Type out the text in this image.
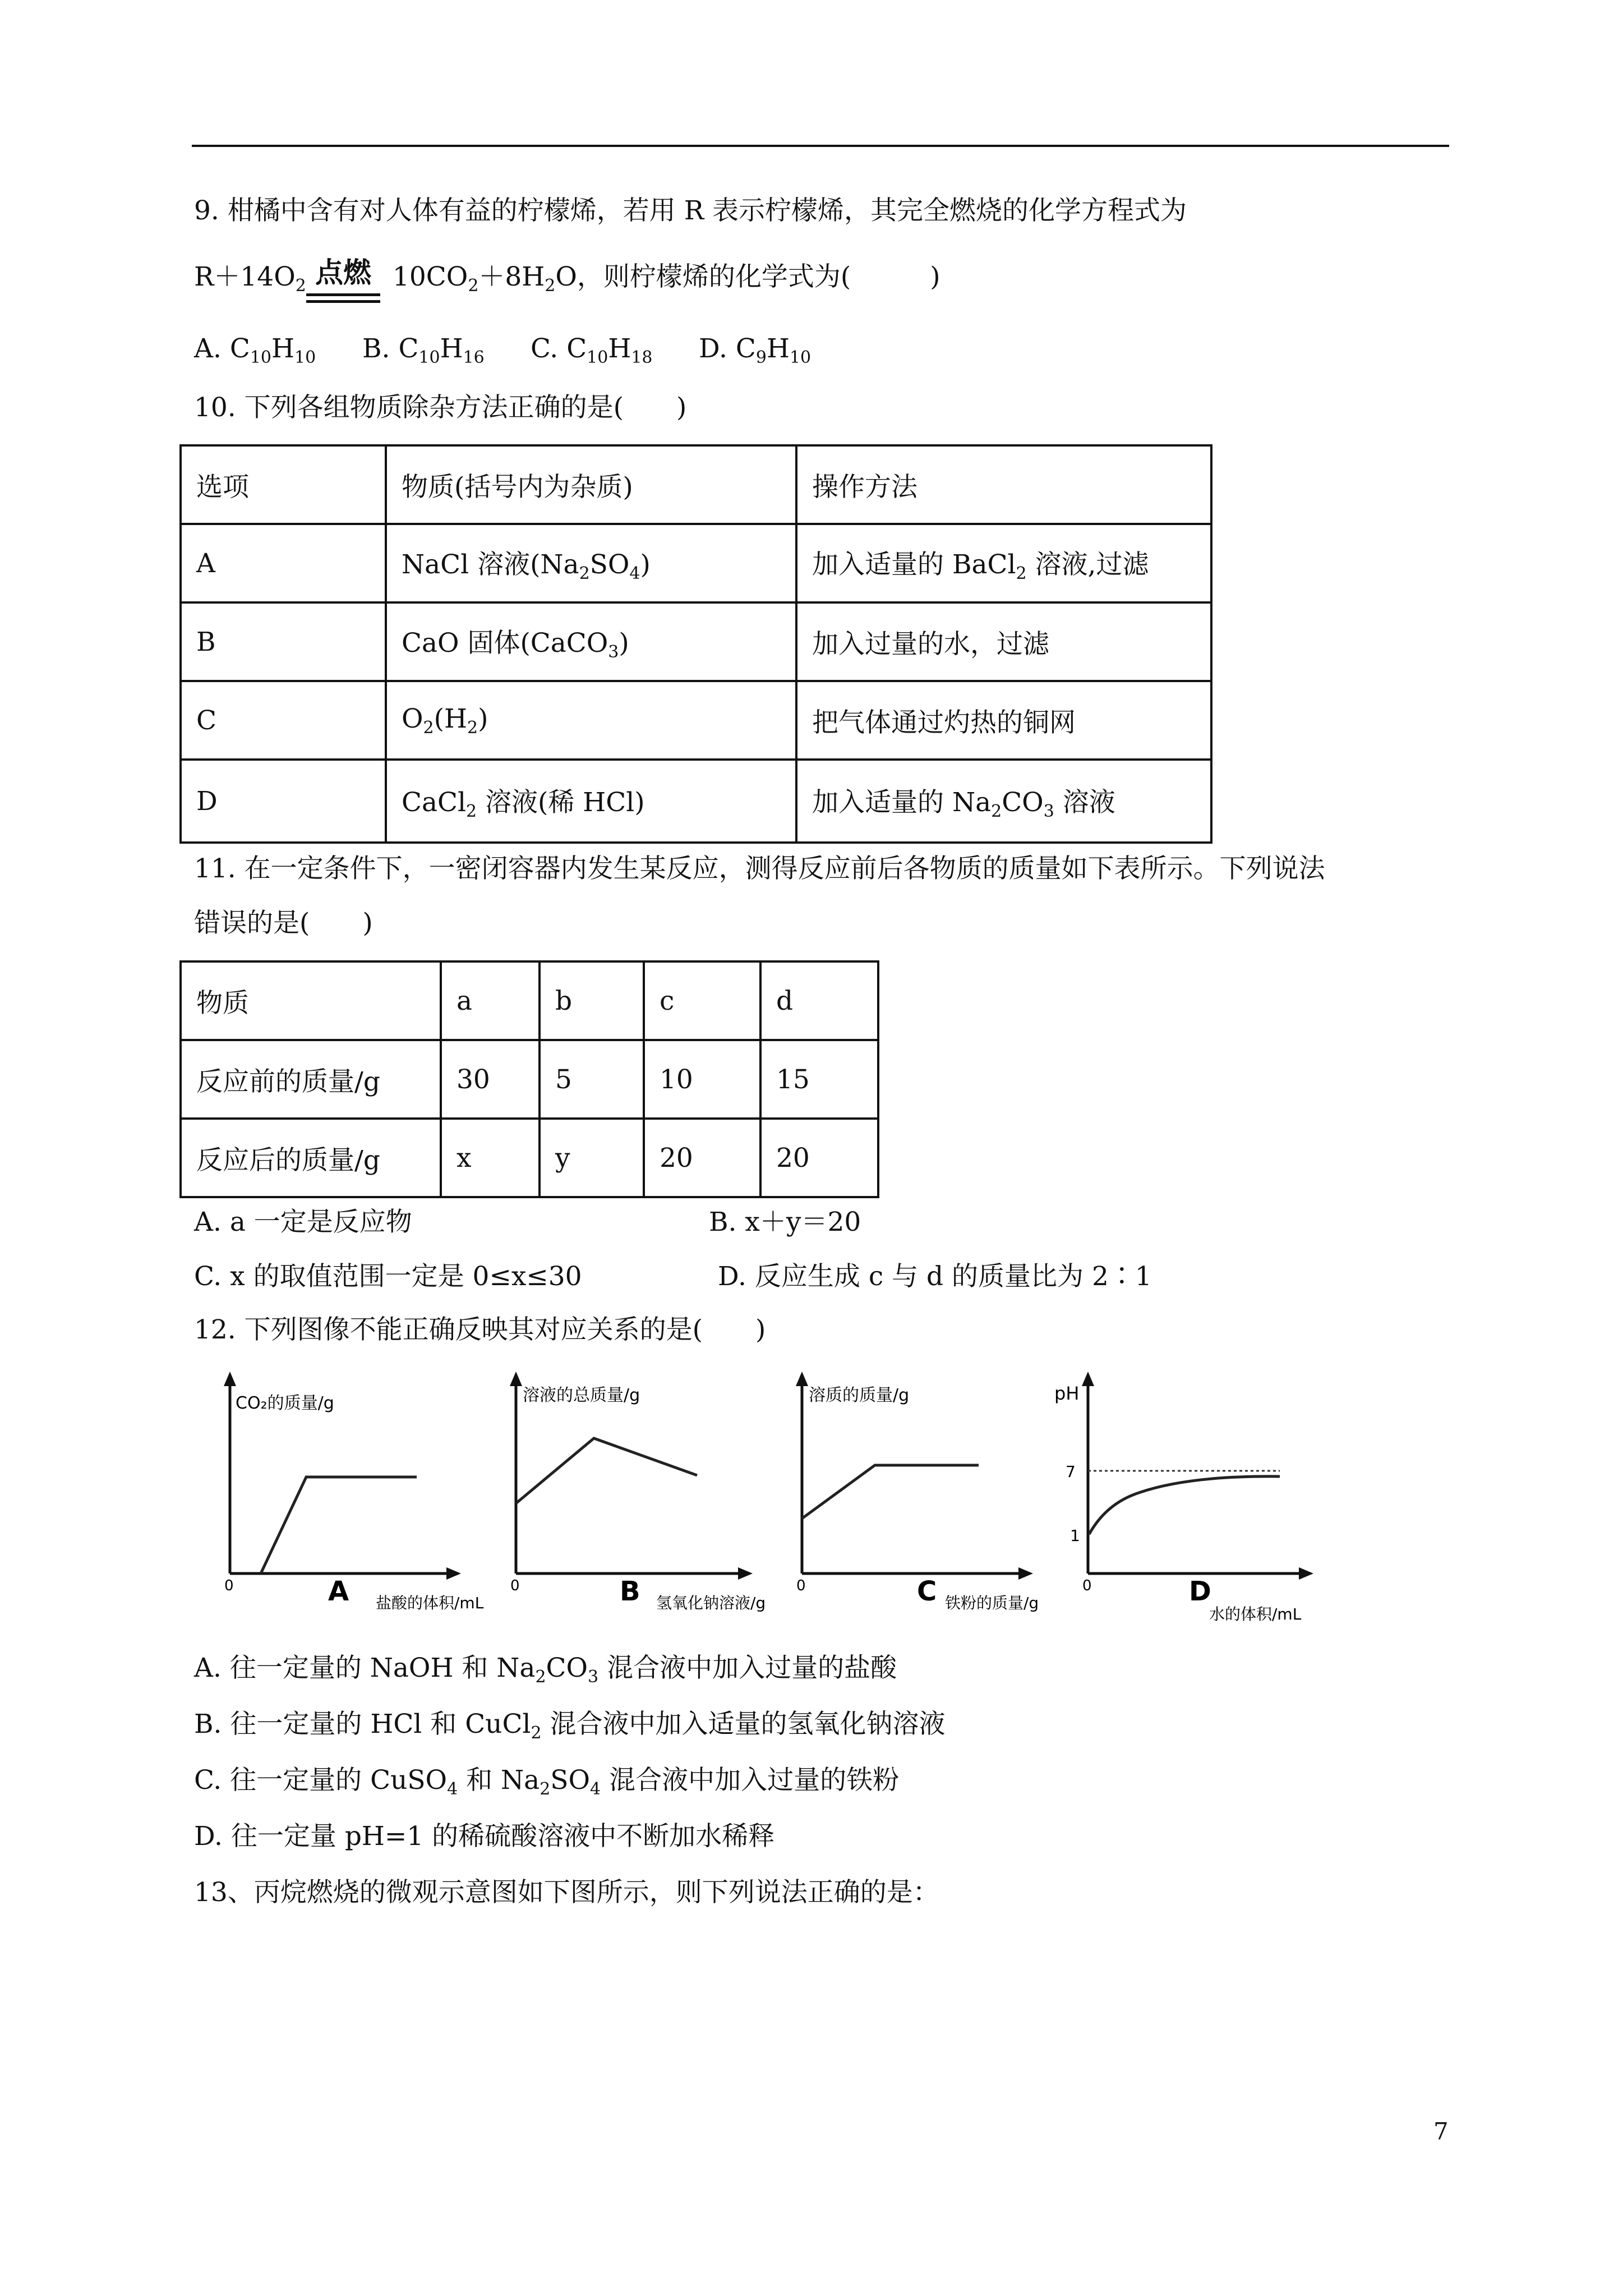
9. 柑橘中含有对人体有益的柠檬烯，若用 R 表示柠檬烯，其完全燃烧的化学方程式为
$R+14O_2$ 点燃 $10CO_2+8H_2O$，则柠檬烯的化学式为(　　　)
A. $C_{10}H_{10}$ B. $C_{10}H_{16}$ C. $C_{10}H_{18}$ D. $C_9H_{10}$
10. 下列各组物质除杂方法正确的是(　　)
选项	物质(括号内为杂质)	操作方法
A	NaCl 溶液$(Na_2SO_4)$	加入适量的 BaCl$_2$ 溶液,过滤
B	CaO 固体(CaCO$_3$)	加入过量的水，过滤
C	$O_2(H_2)$	把气体通过灼热的铜网
D	CaCl$_2$ 溶液(稀 HCl)	加入适量的 $Na_2CO_3$ 溶液
11. 在一定条件下，一密闭容器内发生某反应，测得反应前后各物质的质量如下表所示。下列说法
错误的是(　　)
物质	a	b	c	d
反应前的质量/g	30	5	10	15
反应后的质量/g	x	y	20	20
A. a 一定是反应物	B. x＋y＝20
C. x 的取值范围一定是 0≤x≤30	D. 反应生成 c 与 d 的质量比为 2∶1
12. 下列图像不能正确反映其对应关系的是(　　)
CO₂的质量/g
0	A 盐酸的体积/mL
溶液的总质量/g
0	B 氢氧化钠溶液/g
溶质的质量/g
0	C 铁粉的质量/g
pH
7
1
0	D
水的体积/mL
A. 往一定量的 NaOH 和 $Na_2CO_3$ 混合液中加入过量的盐酸
B. 往一定量的 HCl 和 CuCl$_2$ 混合液中加入适量的氢氧化钠溶液
C. 往一定量的 CuSO$_4$ 和 $Na_2SO_4$ 混合液中加入过量的铁粉
D. 往一定量 pH=1 的稀硫酸溶液中不断加水稀释
13、丙烷燃烧的微观示意图如下图所示，则下列说法正确的是：
7
